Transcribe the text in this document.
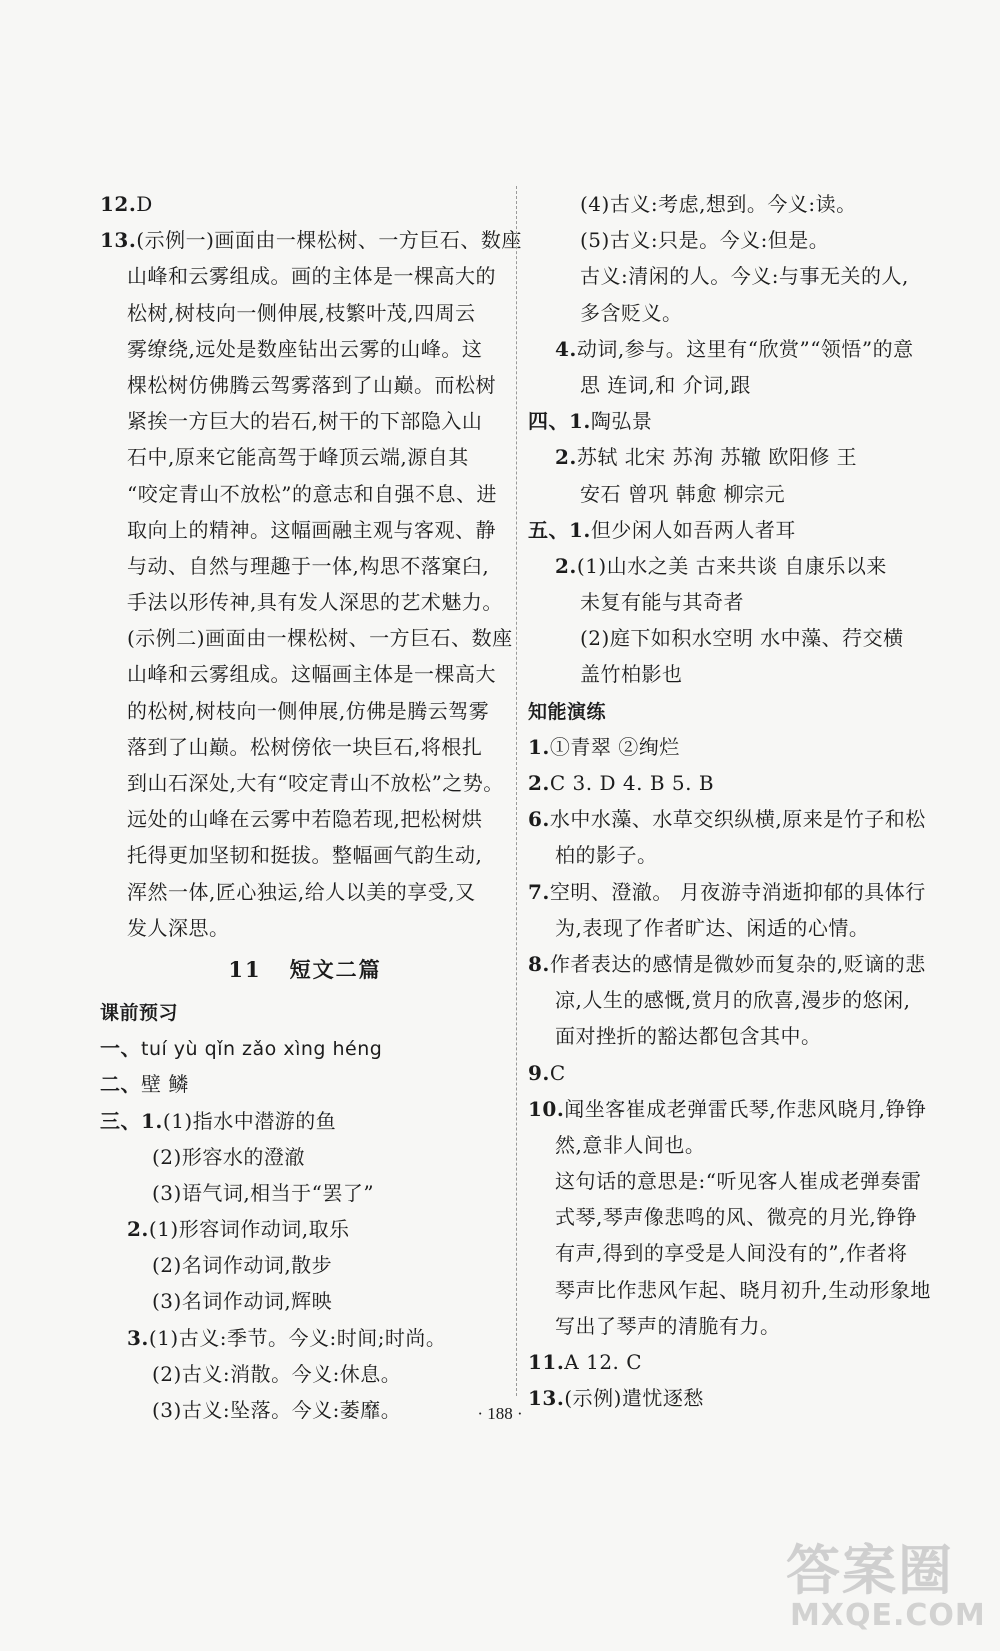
12.D
13.(示例一)画面由一棵松树、一方巨石、数座
山峰和云雾组成。画的主体是一棵高大的
松树,树枝向一侧伸展,枝繁叶茂,四周云
雾缭绕,远处是数座钻出云雾的山峰。这
棵松树仿佛腾云驾雾落到了山巅。而松树
紧挨一方巨大的岩石,树干的下部隐入山
石中,原来它能高驾于峰顶云端,源自其
“咬定青山不放松”的意志和自强不息、进
取向上的精神。这幅画融主观与客观、静
与动、自然与理趣于一体,构思不落窠臼,
手法以形传神,具有发人深思的艺术魅力。
(示例二)画面由一棵松树、一方巨石、数座
山峰和云雾组成。这幅画主体是一棵高大
的松树,树枝向一侧伸展,仿佛是腾云驾雾
落到了山巅。松树傍依一块巨石,将根扎
到山石深处,大有“咬定青山不放松”之势。
远处的山峰在云雾中若隐若现,把松树烘
托得更加坚韧和挺拔。整幅画气韵生动,
浑然一体,匠心独运,给人以美的享受,又
发人深思。
11 短文二篇
课前预习
一、tuí yù qǐn zǎo xìng héng
二、壁 鳞
三、1.(1)指水中潜游的鱼
(2)形容水的澄澈
(3)语气词,相当于“罢了”
2.(1)形容词作动词,取乐
(2)名词作动词,散步
(3)名词作动词,辉映
3.(1)古义:季节。今义:时间;时尚。
(2)古义:消散。今义:休息。
(3)古义:坠落。今义:萎靡。
(4)古义:考虑,想到。今义:读。
(5)古义:只是。今义:但是。
古义:清闲的人。今义:与事无关的人,
多含贬义。
4.动词,参与。这里有“欣赏”“领悟”的意
思 连词,和 介词,跟
四、1.陶弘景
2.苏轼 北宋 苏洵 苏辙 欧阳修 王
安石 曾巩 韩愈 柳宗元
五、1.但少闲人如吾两人者耳
2.(1)山水之美 古来共谈 自康乐以来
未复有能与其奇者
(2)庭下如积水空明 水中藻、荇交横
盖竹柏影也
知能演练
1.①青翠 ②绚烂
2.C 3. D 4. B 5. B
6.水中水藻、水草交织纵横,原来是竹子和松
柏的影子。
7.空明、澄澈。 月夜游寺消逝抑郁的具体行
为,表现了作者旷达、闲适的心情。
8.作者表达的感情是微妙而复杂的,贬谪的悲
凉,人生的感慨,赏月的欣喜,漫步的悠闲,
面对挫折的豁达都包含其中。
9.C
10.闻坐客崔成老弹雷氏琴,作悲风晓月,铮铮
然,意非人间也。
这句话的意思是:“听见客人崔成老弹奏雷
式琴,琴声像悲鸣的风、微亮的月光,铮铮
有声,得到的享受是人间没有的”,作者将
琴声比作悲风乍起、晓月初升,生动形象地
写出了琴声的清脆有力。
11.A 12. C
13.(示例)遣忧逐愁
· 188 ·
答案圈
MXQE.COM
